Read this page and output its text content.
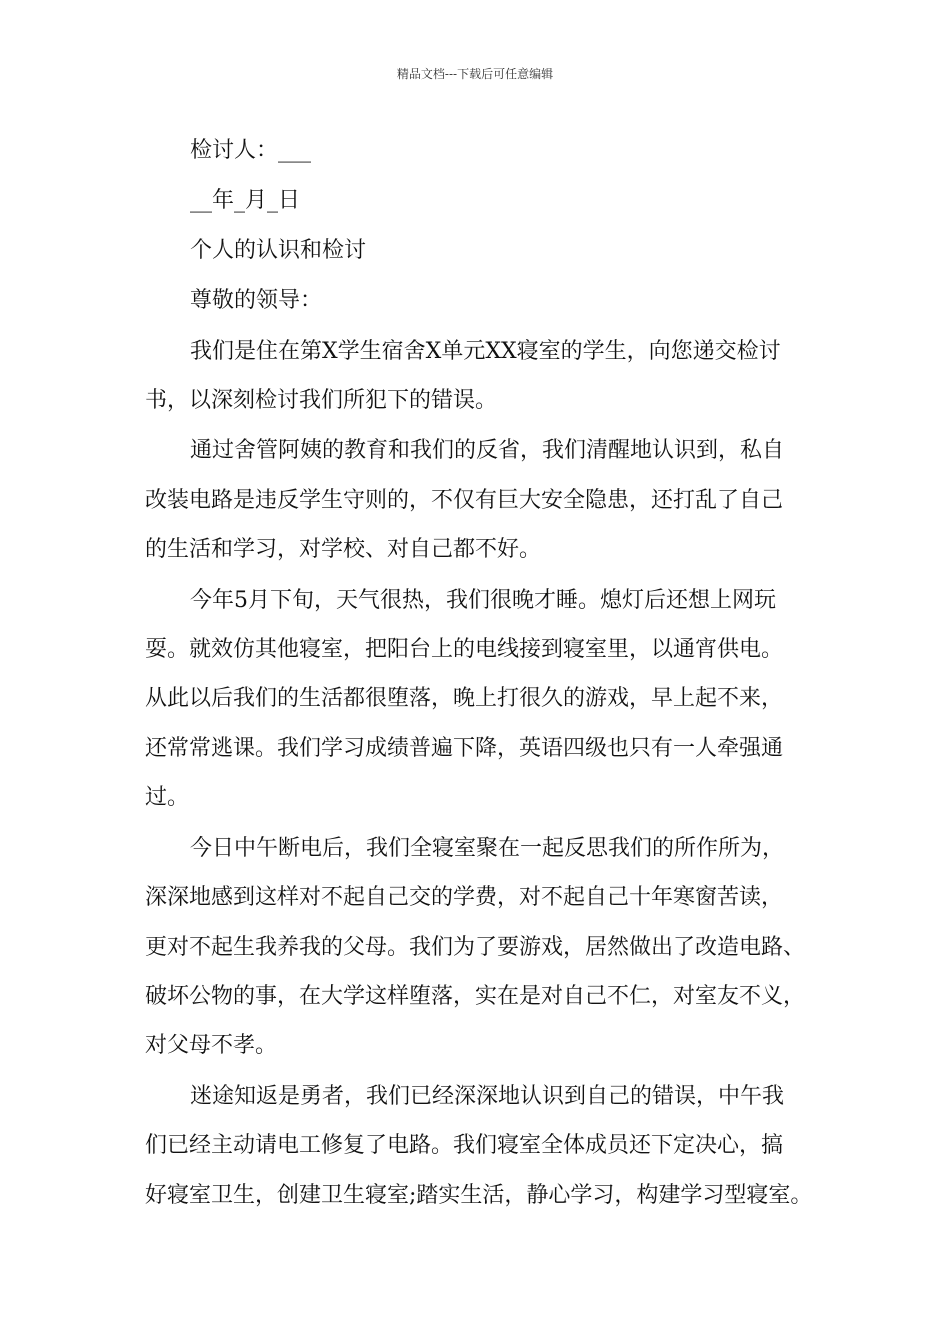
精品文档---下载后可任意编辑
检讨人：___
__年_月_日
个人的认识和检讨
尊敬的领导：
我们是住在第X学生宿舍X单元XX寝室的学生，向您递交检讨
书，以深刻检讨我们所犯下的错误。
通过舍管阿姨的教育和我们的反省，我们清醒地认识到，私自
改装电路是违反学生守则的，不仅有巨大安全隐患，还打乱了自己
的生活和学习，对学校、对自己都不好。
今年5月下旬，天气很热，我们很晚才睡。熄灯后还想上网玩
耍。就效仿其他寝室，把阳台上的电线接到寝室里，以通宵供电。
从此以后我们的生活都很堕落，晚上打很久的游戏，早上起不来，
还常常逃课。我们学习成绩普遍下降，英语四级也只有一人牵强通
过。
今日中午断电后，我们全寝室聚在一起反思我们的所作所为，
深深地感到这样对不起自己交的学费，对不起自己十年寒窗苦读，
更对不起生我养我的父母。我们为了要游戏，居然做出了改造电路、
破坏公物的事，在大学这样堕落，实在是对自己不仁，对室友不义，
对父母不孝。
迷途知返是勇者，我们已经深深地认识到自己的错误，中午我
们已经主动请电工修复了电路。我们寝室全体成员还下定决心，搞
好寝室卫生，创建卫生寝室;踏实生活，静心学习，构建学习型寝室。
